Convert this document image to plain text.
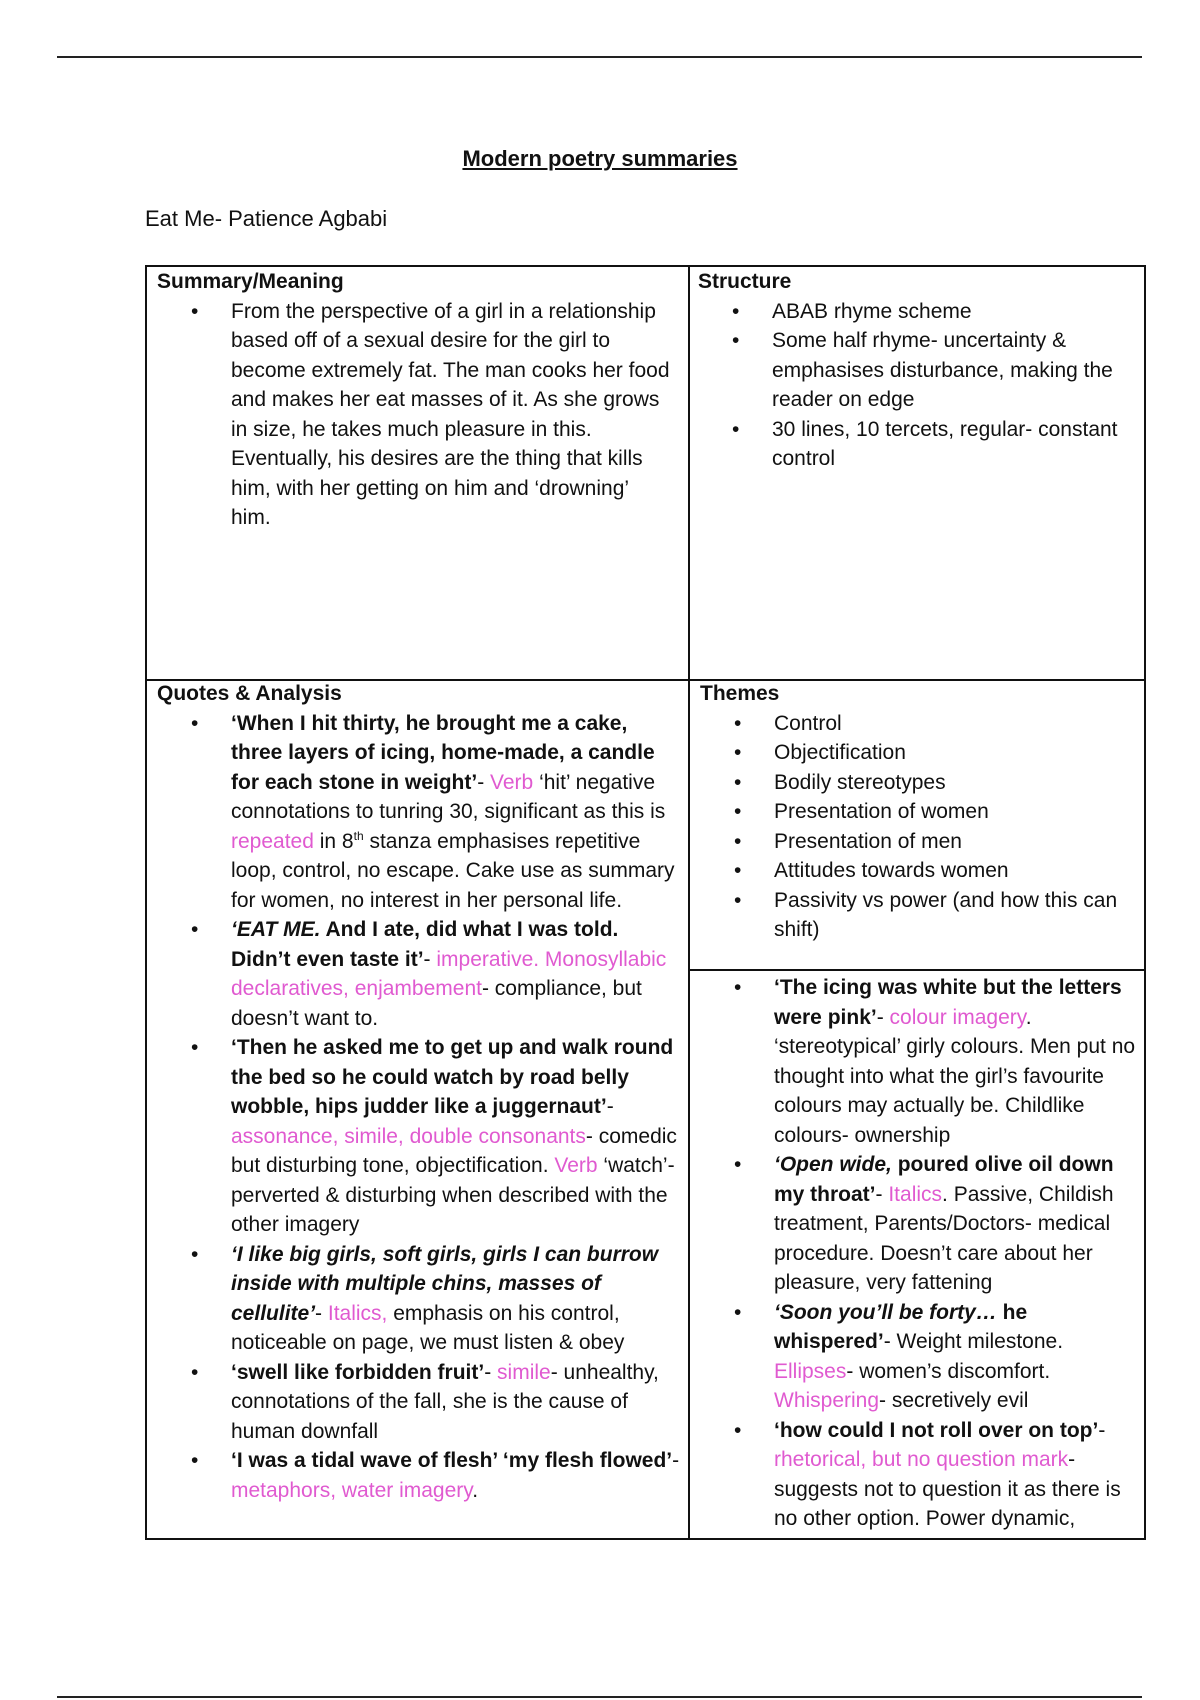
Modern poetry summaries
Eat Me- Patience Agbabi
Summary/Meaning
• From the perspective of a girl in a relationship based off of a sexual desire for the girl to become extremely fat. The man cooks her food and makes her eat masses of it. As she grows in size, he takes much pleasure in this. Eventually, his desires are the thing that kills him, with her getting on him and ‘drowning’ him.
Structure
• ABAB rhyme scheme
• Some half rhyme- uncertainty & emphasises disturbance, making the reader on edge
• 30 lines, 10 tercets, regular- constant control
Quotes & Analysis
• ‘When I hit thirty, he brought me a cake, three layers of icing, home-made, a candle for each stone in weight’- Verb ‘hit’ negative connotations to tunring 30, significant as this is repeated in 8th stanza emphasises repetitive loop, control, no escape. Cake use as summary for women, no interest in her personal life.
• ‘EAT ME. And I ate, did what I was told. Didn’t even taste it’- imperative. Monosyllabic declaratives, enjambement- compliance, but doesn’t want to.
• ‘Then he asked me to get up and walk round the bed so he could watch by road belly wobble, hips judder like a juggernaut’- assonance, simile, double consonants- comedic but disturbing tone, objectification. Verb ‘watch’- perverted & disturbing when described with the other imagery
• ‘I like big girls, soft girls, girls I can burrow inside with multiple chins, masses of cellulite’- Italics, emphasis on his control, noticeable on page, we must listen & obey
• ‘swell like forbidden fruit’- simile- unhealthy, connotations of the fall, she is the cause of human downfall
• ‘I was a tidal wave of flesh’ ‘my flesh flowed’- metaphors, water imagery.
Themes
• Control
• Objectification
• Bodily stereotypes
• Presentation of women
• Presentation of men
• Attitudes towards women
• Passivity vs power (and how this can shift)
• ‘The icing was white but the letters were pink’- colour imagery. ‘stereotypical’ girly colours. Men put no thought into what the girl’s favourite colours may actually be. Childlike colours- ownership
• ‘Open wide, poured olive oil down my throat’- Italics. Passive, Childish treatment, Parents/Doctors- medical procedure. Doesn’t care about her pleasure, very fattening
• ‘Soon you’ll be forty… he whispered’- Weight milestone. Ellipses- women’s discomfort. Whispering- secretively evil
• ‘how could I not roll over on top’- rhetorical, but no question mark- suggests not to question it as there is no other option. Power dynamic,
